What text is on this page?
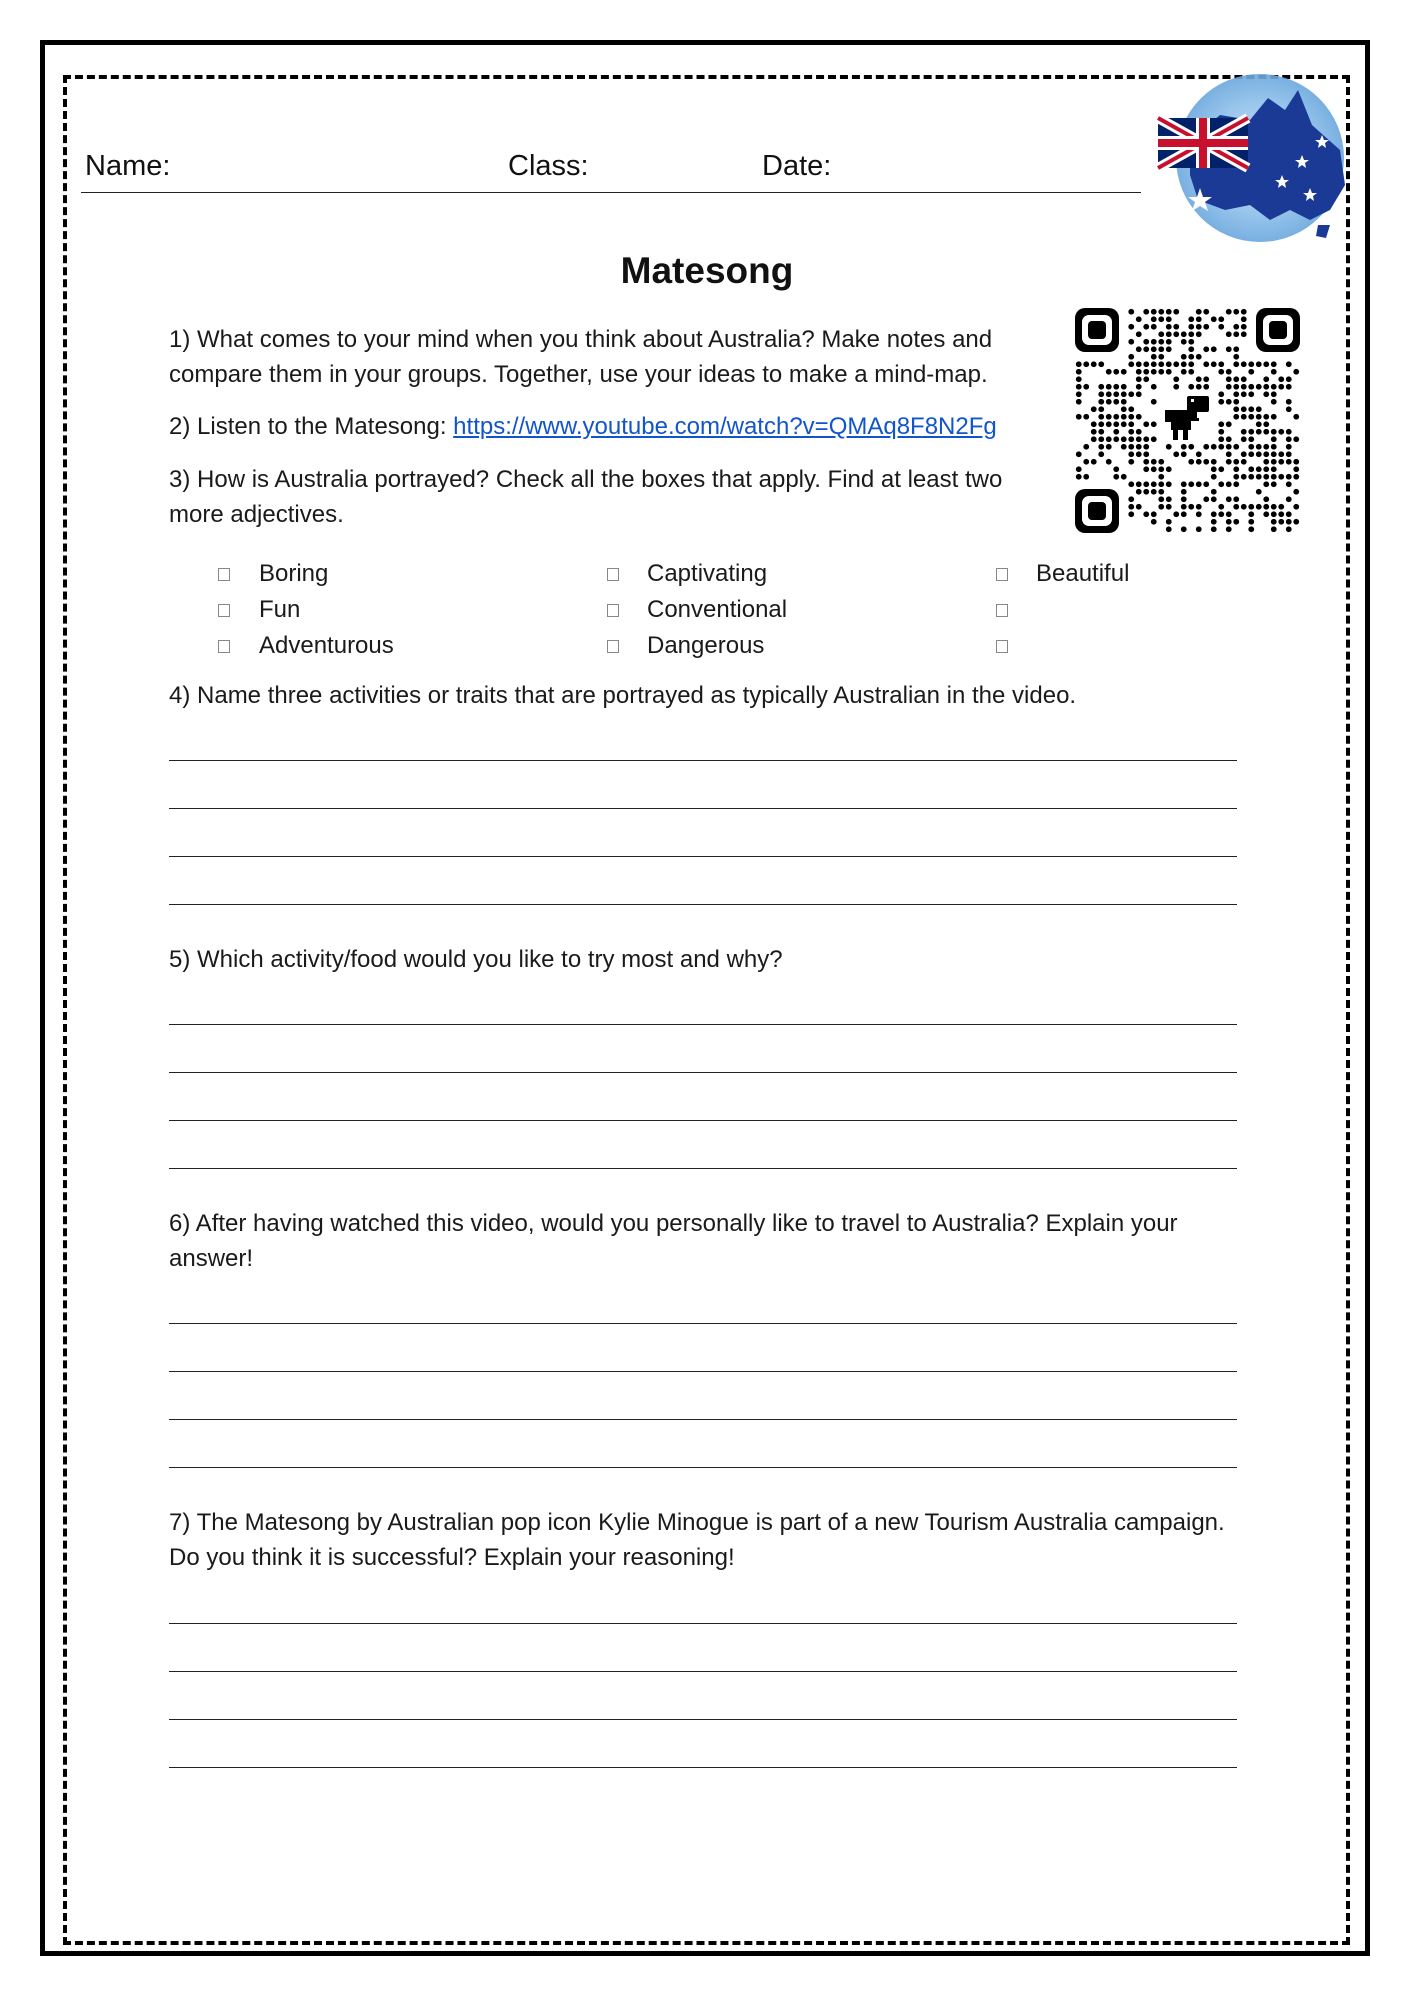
Name:	Class:	Date:
Matesong
1) What comes to your mind when you think about Australia? Make notes and compare them in your groups. Together, use your ideas to make a mind-map.
2) Listen to the Matesong: https://www.youtube.com/watch?v=QMAq8F8N2Fg
3) How is Australia portrayed? Check all the boxes that apply. Find at least two more adjectives.
Boring
Fun
Adventurous
Captivating
Conventional
Dangerous
Beautiful
4) Name three activities or traits that are portrayed as typically Australian in the video.
5) Which activity/food would you like to try most and why?
6) After having watched this video, would you personally like to travel to Australia? Explain your answer!
7) The Matesong by Australian pop icon Kylie Minogue is part of a new Tourism Australia campaign. Do you think it is successful? Explain your reasoning!
